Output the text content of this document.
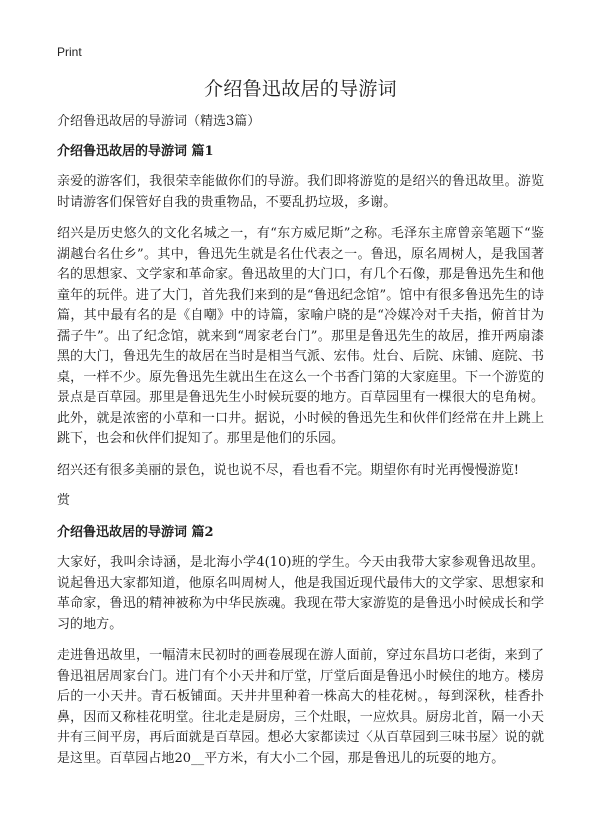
Print
介绍鲁迅故居的导游词
介绍鲁迅故居的导游词（精选3篇）
介绍鲁迅故居的导游词 篇1

亲爱的游客们，我很荣幸能做你们的导游。我们即将游览的是绍兴的鲁迅故里。游览时请游客们保管好自我的贵重物品，不要乱扔垃圾，多谢。

绍兴是历史悠久的文化名城之一，有“东方威尼斯”之称。毛泽东主席曾亲笔题下“鉴湖越台名仕乡”。其中，鲁迅先生就是名仕代表之一。鲁迅，原名周树人，是我国著名的思想家、文学家和革命家。鲁迅故里的大门口，有几个石像，那是鲁迅先生和他童年的玩伴。进了大门，首先我们来到的是“鲁迅纪念馆”。馆中有很多鲁迅先生的诗篇，其中最有名的是《自嘲》中的诗篇，家喻户晓的是“冷媒冷对千夫指，俯首甘为孺子牛”。出了纪念馆，就来到“周家老台门”。那里是鲁迅先生的故居，推开两扇漆黑的大门，鲁迅先生的故居在当时是相当气派、宏伟。灶台、后院、床铺、庭院、书桌，一样不少。原先鲁迅先生就出生在这么一个书香门第的大家庭里。下一个游览的景点是百草园。那里是鲁迅先生小时候玩耍的地方。百草园里有一棵很大的皂角树。此外，就是浓密的小草和一口井。据说，小时候的鲁迅先生和伙伴们经常在井上跳上跳下，也会和伙伴们捉知了。那里是他们的乐园。

绍兴还有很多美丽的景色，说也说不尽，看也看不完。期望你有时光再慢慢游览!

赏
介绍鲁迅故居的导游词 篇2

大家好，我叫余诗涵，是北海小学4(10)班的学生。今天由我带大家参观鲁迅故里。说起鲁迅大家都知道，他原名叫周树人，他是我国近现代最伟大的文学家、思想家和革命家，鲁迅的精神被称为中华民族魂。我现在带大家游览的是鲁迅小时候成长和学习的地方。

走进鲁迅故里，一幅清末民初时的画卷展现在游人面前，穿过东昌坊口老街，来到了鲁迅祖居周家台门。进门有个小天井和厅堂，厅堂后面是鲁迅小时候住的地方。楼房后的一小天井。青石板铺面。天井井里种着一株高大的桂花树。，每到深秋，桂香扑鼻，因而又称桂花明堂。往北走是厨房，三个灶眼，一应炊具。厨房北首，隔一小天井有三间平房，再后面就是百草园。想必大家都读过〈从百草园到三味书屋〉说的就是这里。百草园占地20__平方米，有大小二个园，那是鲁迅儿的玩耍的地方。
